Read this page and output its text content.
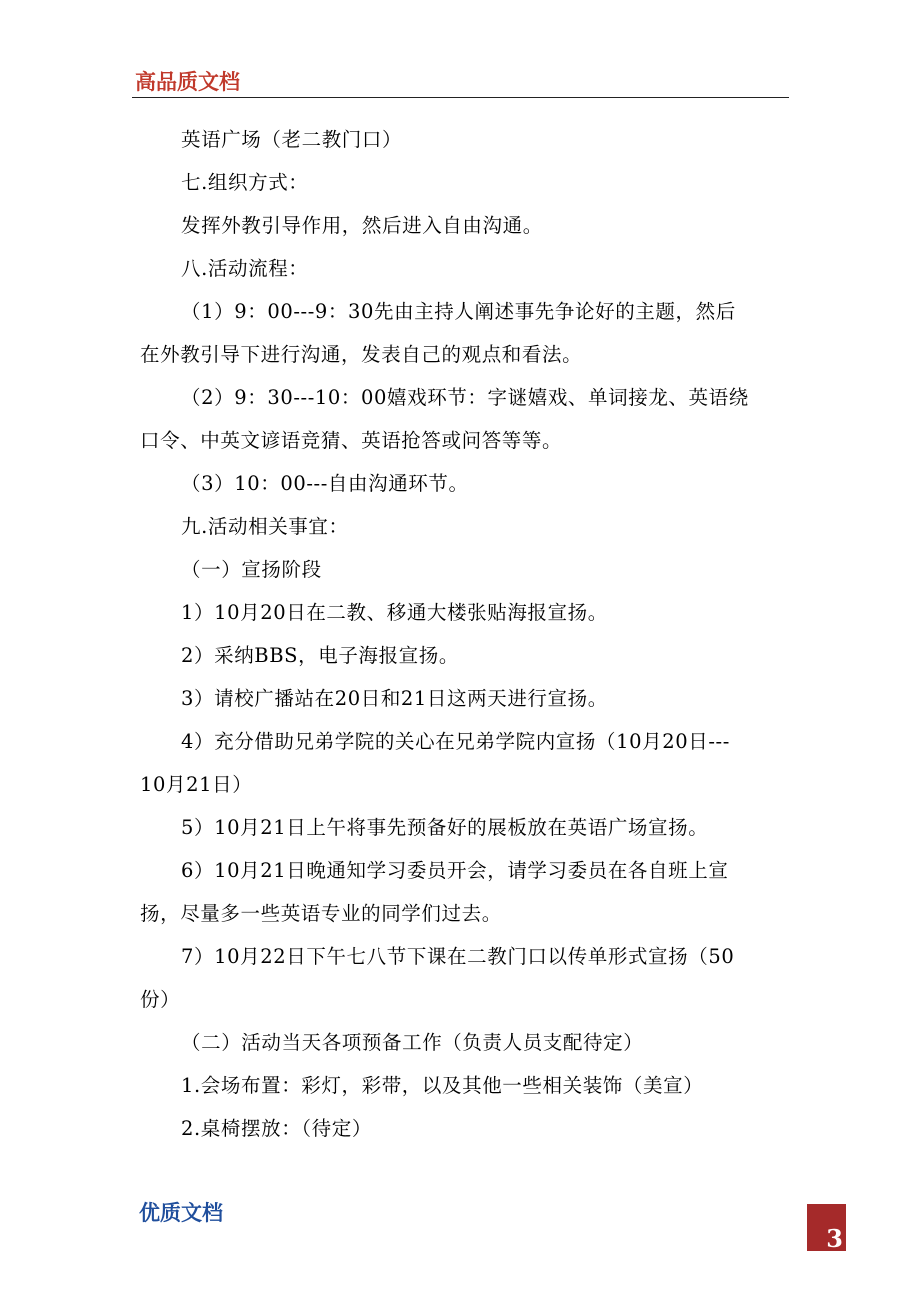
高品质文档

英语广场（老二教门口）

七.组织方式：

发挥外教引导作用，然后进入自由沟通。

八.活动流程：

（1）9：00---9：30先由主持人阐述事先争论好的主题，然后

在外教引导下进行沟通，发表自己的观点和看法。

（2）9：30---10：00嬉戏环节：字谜嬉戏、单词接龙、英语绕

口令、中英文谚语竞猜、英语抢答或问答等等。

（3）10：00---自由沟通环节。

九.活动相关事宜：

（一）宣扬阶段

1）10月20日在二教、移通大楼张贴海报宣扬。

2）采纳BBS，电子海报宣扬。

3）请校广播站在20日和21日这两天进行宣扬。

4）充分借助兄弟学院的关心在兄弟学院内宣扬（10月20日---

10月21日）

5）10月21日上午将事先预备好的展板放在英语广场宣扬。

6）10月21日晚通知学习委员开会，请学习委员在各自班上宣

扬，尽量多一些英语专业的同学们过去。

7）10月22日下午七八节下课在二教门口以传单形式宣扬（50

份）

（二）活动当天各项预备工作（负责人员支配待定）

1.会场布置：彩灯，彩带，以及其他一些相关装饰（美宣）

2.桌椅摆放：（待定）

优质文档
3
